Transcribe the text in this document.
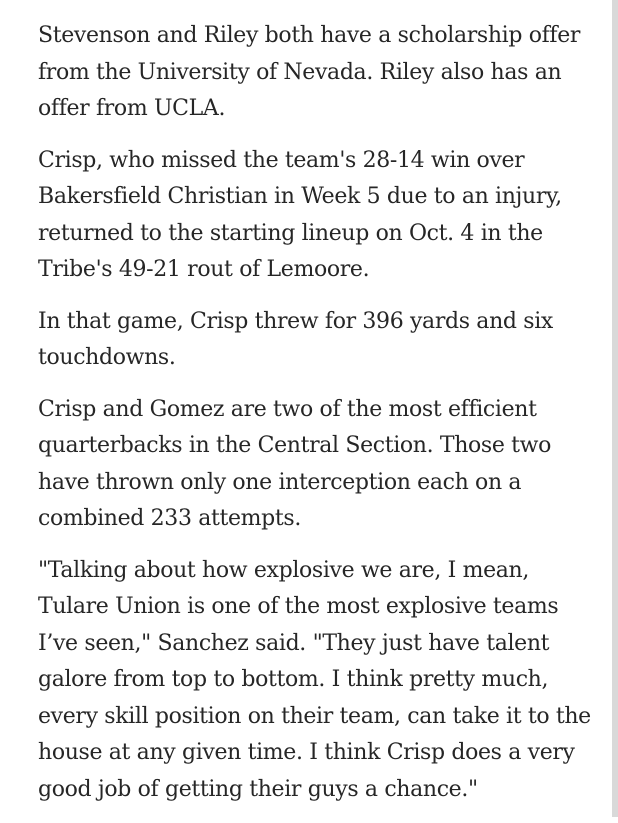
Stevenson and Riley both have a scholarship offer from the University of Nevada. Riley also has an offer from UCLA.

Crisp, who missed the team's 28-14 win over Bakersfield Christian in Week 5 due to an injury, returned to the starting lineup on Oct. 4 in the Tribe's 49-21 rout of Lemoore.

In that game, Crisp threw for 396 yards and six touchdowns.

Crisp and Gomez are two of the most efficient quarterbacks in the Central Section. Those two have thrown only one interception each on a combined 233 attempts.

"Talking about how explosive we are, I mean, Tulare Union is one of the most explosive teams I’ve seen," Sanchez said. "They just have talent galore from top to bottom. I think pretty much, every skill position on their team, can take it to the house at any given time. I think Crisp does a very good job of getting their guys a chance."
